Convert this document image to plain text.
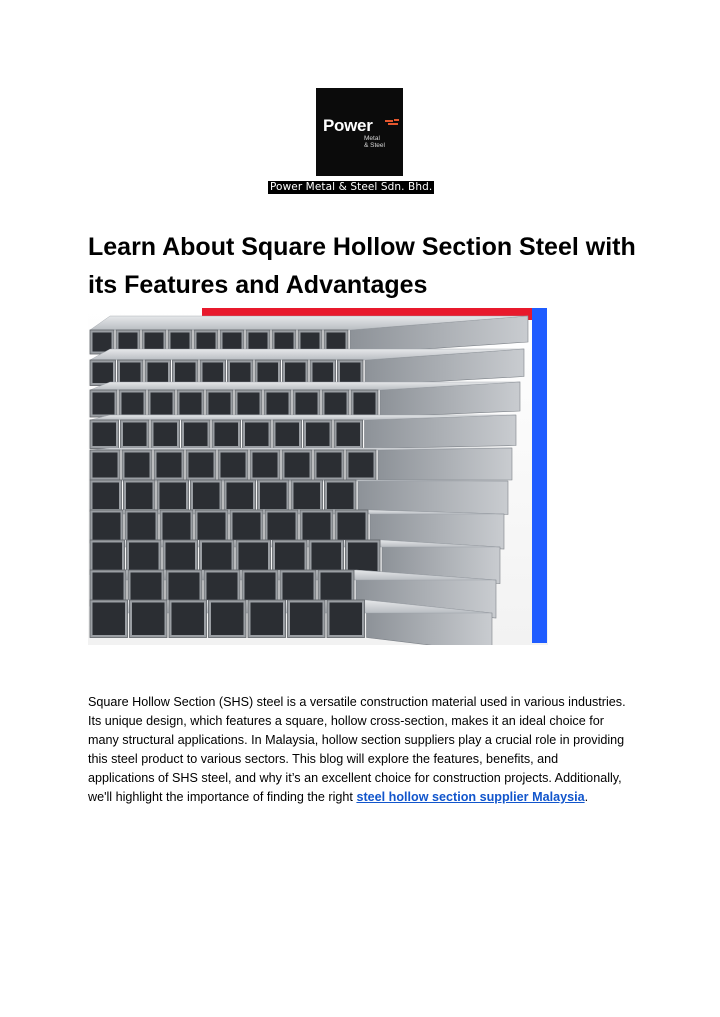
Power
Metal
& Steel
Power Metal & Steel Sdn. Bhd.
Learn About Square Hollow Section Steel with its Features and Advantages

Square Hollow Section (SHS) steel is a versatile construction material used in various industries. Its unique design, which features a square, hollow cross-section, makes it an ideal choice for many structural applications. In Malaysia, hollow section suppliers play a crucial role in providing this steel product to various sectors. This blog will explore the features, benefits, and applications of SHS steel, and why it’s an excellent choice for construction projects. Additionally, we'll highlight the importance of finding the right steel hollow section supplier Malaysia.
